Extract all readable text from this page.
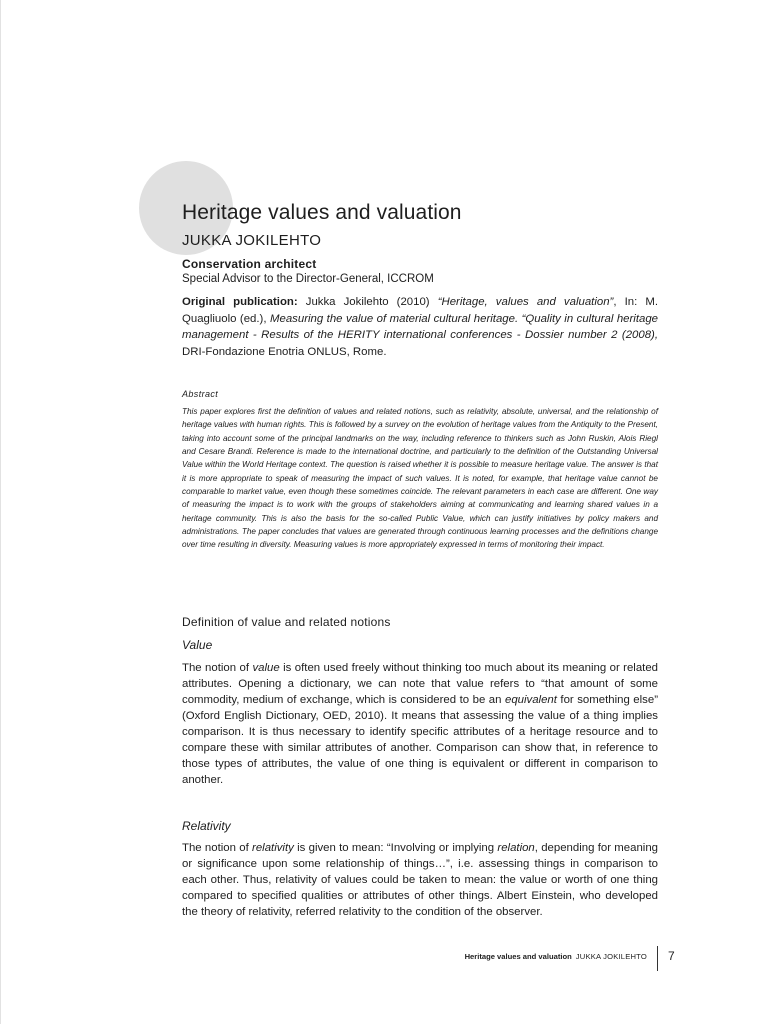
Heritage values and valuation
JUKKA JOKILEHTO
Conservation architect
Special Advisor to the Director-General, ICCROM

Original publication: Jukka Jokilehto (2010) “Heritage, values and valuation”, In: M. Quagliuolo (ed.), Measuring the value of material cultural heritage. “Quality in cultural heritage management - Results of the HERITY international conferences - Dossier number 2 (2008), DRI-Fondazione Enotria ONLUS, Rome.

Abstract

This paper explores first the definition of values and related notions, such as relativity, absolute, universal, and the relationship of heritage values with human rights. This is followed by a survey on the evolution of heritage values from the Antiquity to the Present, taking into account some of the principal landmarks on the way, including reference to thinkers such as John Ruskin, Alois Riegl and Cesare Brandi. Reference is made to the international doctrine, and particularly to the definition of the Outstanding Universal Value within the World Heritage context. The question is raised whether it is possible to measure heritage value. The answer is that it is more appropriate to speak of measuring the impact of such values. It is noted, for example, that heritage value cannot be comparable to market value, even though these sometimes coincide. The relevant parameters in each case are different. One way of measuring the impact is to work with the groups of stakeholders aiming at communicating and learning shared values in a heritage community. This is also the basis for the so-called Public Value, which can justify initiatives by policy makers and administrations. The paper concludes that values are generated through continuous learning processes and the definitions change over time resulting in diversity. Measuring values is more appropriately expressed in terms of monitoring their impact.

Definition of value and related notions
Value

The notion of value is often used freely without thinking too much about its meaning or related attributes. Opening a dictionary, we can note that value refers to “that amount of some commodity, medium of exchange, which is considered to be an equivalent for something else” (Oxford English Dictionary, OED, 2010). It means that assessing the value of a thing implies comparison. It is thus necessary to identify specific attributes of a heritage resource and to compare these with similar attributes of another. Comparison can show that, in reference to those types of attributes, the value of one thing is equivalent or different in comparison to another.

Relativity

The notion of relativity is given to mean: “Involving or implying relation, depending for meaning or significance upon some relationship of things…”, i.e. assessing things in comparison to each other. Thus, relativity of values could be taken to mean: the value or worth of one thing compared to specified qualities or attributes of other things. Albert Einstein, who developed the theory of relativity, referred relativity to the condition of the observer.

Heritage values and valuation JUKKA JOKILEHTO 7
